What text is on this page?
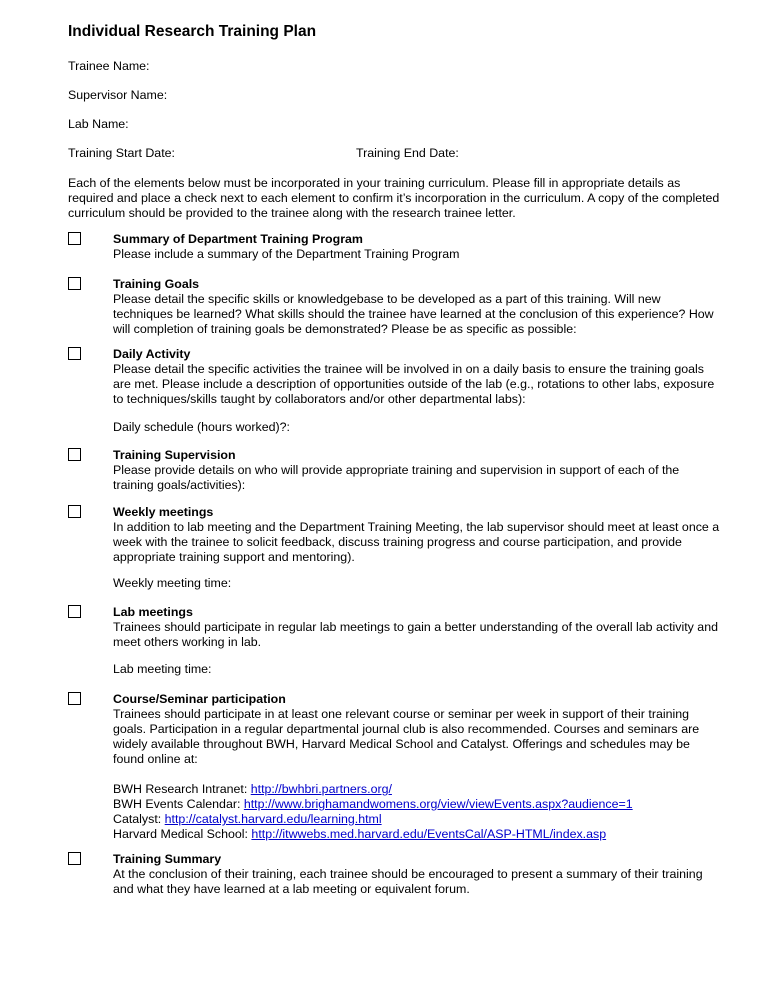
Individual Research Training Plan
Trainee Name:
Supervisor Name:
Lab Name:
Training Start Date:	Training End Date:
Each of the elements below must be incorporated in your training curriculum. Please fill in appropriate details as required and place a check next to each element to confirm it’s incorporation in the curriculum. A copy of the completed curriculum should be provided to the trainee along with the research trainee letter.
Summary of Department Training Program
Please include a summary of the Department Training Program
Training Goals
Please detail the specific skills or knowledgebase to be developed as a part of this training. Will new techniques be learned? What skills should the trainee have learned at the conclusion of this experience? How will completion of training goals be demonstrated? Please be as specific as possible:
Daily Activity
Please detail the specific activities the trainee will be involved in on a daily basis to ensure the training goals are met. Please include a description of opportunities outside of the lab (e.g., rotations to other labs, exposure to techniques/skills taught by collaborators and/or other departmental labs):
Daily schedule (hours worked)?:
Training Supervision
Please provide details on who will provide appropriate training and supervision in support of each of the training goals/activities):
Weekly meetings
In addition to lab meeting and the Department Training Meeting, the lab supervisor should meet at least once a week with the trainee to solicit feedback, discuss training progress and course participation, and provide appropriate training support and mentoring).
Weekly meeting time:
Lab meetings
Trainees should participate in regular lab meetings to gain a better understanding of the overall lab activity and meet others working in lab.
Lab meeting time:
Course/Seminar participation
Trainees should participate in at least one relevant course or seminar per week in support of their training goals. Participation in a regular departmental journal club is also recommended. Courses and seminars are widely available throughout BWH, Harvard Medical School and Catalyst. Offerings and schedules may be found online at:
BWH Research Intranet: http://bwhbri.partners.org/
BWH Events Calendar: http://www.brighamandwomens.org/view/viewEvents.aspx?audience=1
Catalyst: http://catalyst.harvard.edu/learning.html
Harvard Medical School: http://itwwebs.med.harvard.edu/EventsCal/ASP-HTML/index.asp
Training Summary
At the conclusion of their training, each trainee should be encouraged to present a summary of their training and what they have learned at a lab meeting or equivalent forum.
